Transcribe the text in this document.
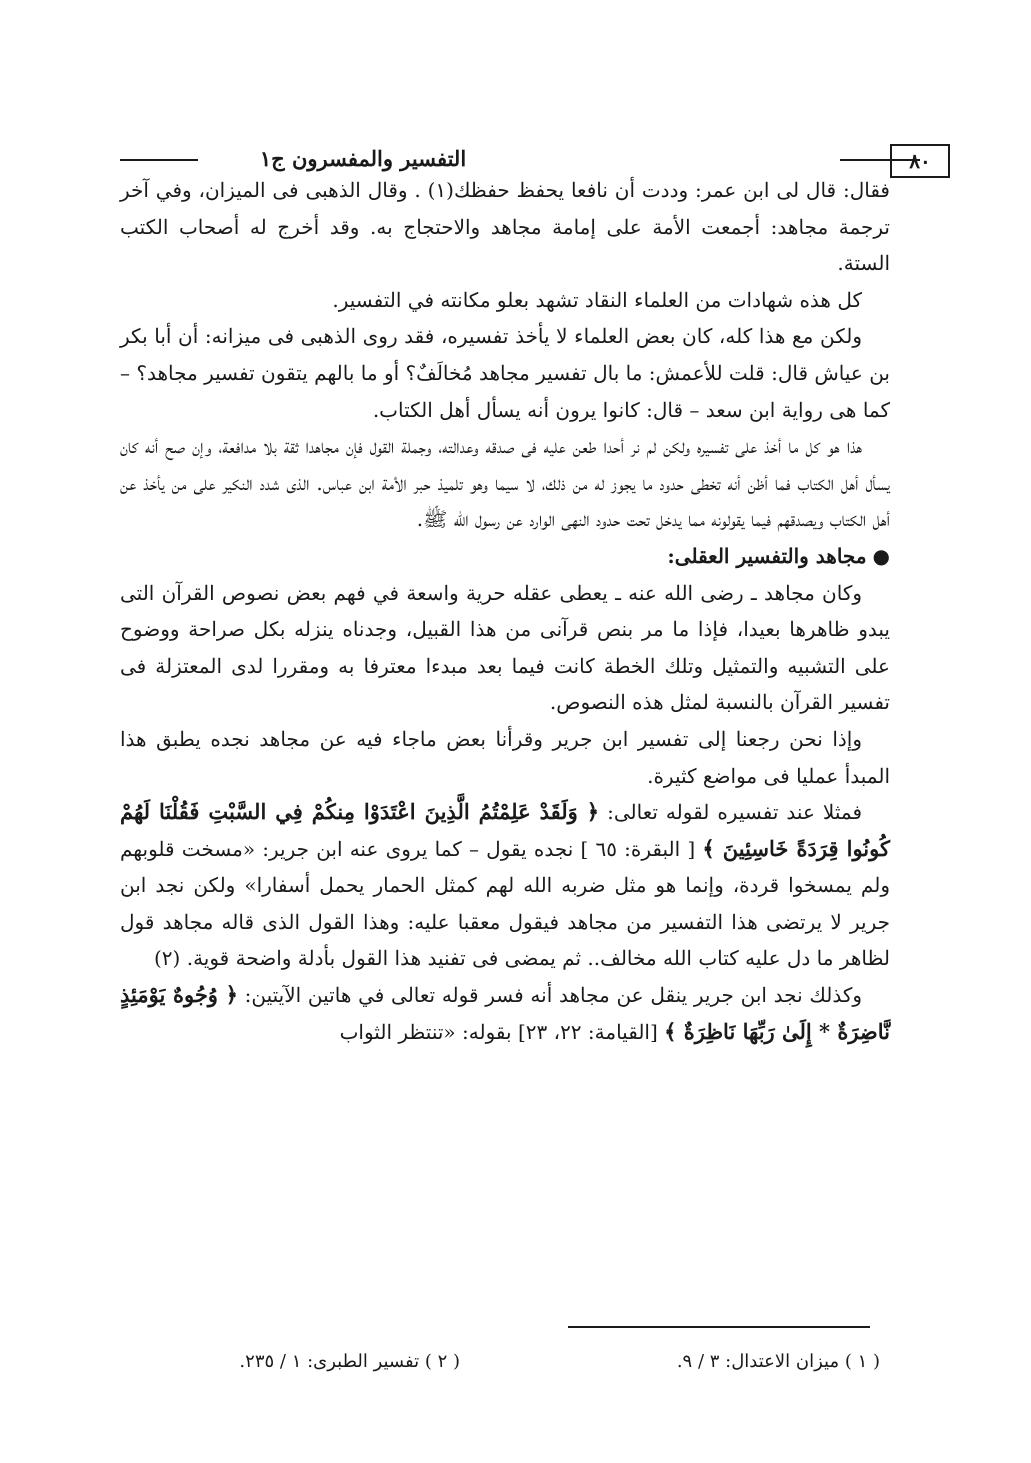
التفسير والمفسرون ج١	٨٠

فقال: قال لى ابن عمر: وددت أن نافعا يحفظ حفظك(١) . وقال الذهبى فى الميزان، وفي آخر ترجمة مجاهد: أجمعت الأمة على إمامة مجاهد والاحتجاج به. وقد أخرج له أصحاب الكتب الستة.

كل هذه شهادات من العلماء النقاد تشهد بعلو مكانته في التفسير.

ولكن مع هذا كله، كان بعض العلماء لا يأخذ تفسيره، فقد روى الذهبى فى ميزانه: أن أبا بكر بن عياش قال: قلت للأعمش: ما بال تفسير مجاهد مُخالَفٌ؟ أو ما بالهم يتقون تفسير مجاهد؟ – كما هى رواية ابن سعد – قال: كانوا يرون أنه يسأل أهل الكتاب.

هذا هو كل ما أخذ على تفسيره ولكن لم نر أحدا طعن عليه فى صدقه وعدالته، وجملة القول فإن مجاهدا ثقة بلا مدافعة، وإن صح أنه كان يسأل أهل الكتاب فما أظن أنه تخطى حدود ما يجوز له من ذلك، لا سيما وهو تلميذ حبر الأمة ابن عباس. الذى شدد النكير على من يأخذ عن أهل الكتاب ويصدقهم فيما يقولونه مما يدخل تحت حدود النهى الوارد عن رسول الله ﷺ.

●مجاهد والتفسير العقلى:

وكان مجاهد ـ رضى الله عنه ـ يعطى عقله حرية واسعة في فهم بعض نصوص القرآن التى يبدو ظاهرها بعيدا، فإذا ما مر بنص قرآنى من هذا القبيل، وجدناه ينزله بكل صراحة ووضوح على التشبيه والتمثيل وتلك الخطة كانت فيما بعد مبدءا معترفا به ومقررا لدى المعتزلة فى تفسير القرآن بالنسبة لمثل هذه النصوص.

وإذا نحن رجعنا إلى تفسير ابن جرير وقرأنا بعض ماجاء فيه عن مجاهد نجده يطبق هذا المبدأ عمليا فى مواضع كثيرة.

فمثلا عند تفسيره لقوله تعالى: ﴿ وَلَقَدْ عَلِمْتُمُ الَّذِينَ اعْتَدَوْا مِنكُمْ فِي السَّبْتِ فَقُلْنَا لَهُمْ كُونُوا قِرَدَةً خَاسِئِينَ ﴾ [ البقرة: ٦٥ ] نجده يقول – كما يروى عنه ابن جرير: «مسخت قلوبهم ولم يمسخوا قردة، وإنما هو مثل ضربه الله لهم كمثل الحمار يحمل أسفارا» ولكن نجد ابن جرير لا يرتضى هذا التفسير من مجاهد فيقول معقبا عليه: وهذا القول الذى قاله مجاهد قول لظاهر ما دل عليه كتاب الله مخالف.. ثم يمضى فى تفنيد هذا القول بأدلة واضحة قوية. (٢)

وكذلك نجد ابن جرير ينقل عن مجاهد أنه فسر قوله تعالى في هاتين الآيتين: ﴿ وُجُوهٌ يَوْمَئِذٍ نَّاضِرَةٌ * إِلَىٰ رَبِّهَا نَاظِرَةٌ ﴾ [القيامة: ٢٢، ٢٣] بقوله: «تنتظر الثواب

( ١ ) ميزان الاعتدال: ٣ / ٩.
( ٢ ) تفسير الطبرى: ١ / ٢٣٥.
